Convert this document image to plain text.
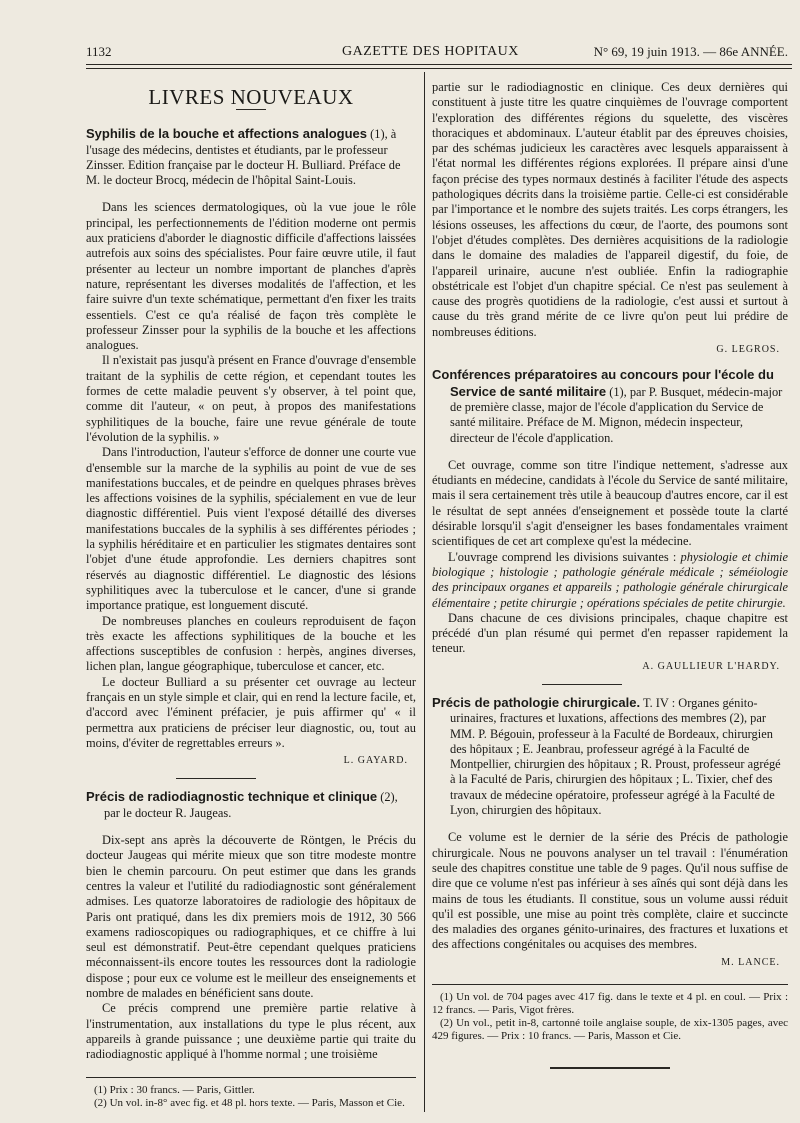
1132	GAZETTE DES HOPITAUX	N° 69, 19 juin 1913. — 86e ANNÉE.
LIVRES NOUVEAUX
Syphilis de la bouche et affections analogues (1), à l'usage des médecins, dentistes et étudiants, par le professeur Zinsser. Edition française par le docteur H. Bulliard. Préface de M. le docteur Brocq, médecin de l'hôpital Saint-Louis.

Dans les sciences dermatologiques, où la vue joue le rôle principal, les perfectionnements de l'édition moderne ont permis aux praticiens d'aborder le diagnostic difficile d'affections laissées autrefois aux soins des spécialistes. Pour faire œuvre utile, il faut présenter au lecteur un nombre important de planches d'après nature, représentant les diverses modalités de l'affection, et les faire suivre d'un texte schématique, permettant d'en fixer les traits essentiels. C'est ce qu'a réalisé de façon très complète le professeur Zinsser pour la syphilis de la bouche et les affections analogues.

Il n'existait pas jusqu'à présent en France d'ouvrage d'ensemble traitant de la syphilis de cette région, et cependant toutes les formes de cette maladie peuvent s'y observer, à tel point que, comme dit l'auteur, « on peut, à propos des manifestations syphilitiques de la bouche, faire une revue générale de toute l'évolution de la syphilis. »

Dans l'introduction, l'auteur s'efforce de donner une courte vue d'ensemble sur la marche de la syphilis au point de vue de ses manifestations buccales, et de peindre en quelques phrases brèves les affections voisines de la syphilis, spécialement en vue de leur diagnostic différentiel. Puis vient l'exposé détaillé des diverses manifestations buccales de la syphilis à ses différentes périodes ; la syphilis héréditaire et en particulier les stigmates dentaires sont l'objet d'une étude approfondie. Les derniers chapitres sont réservés au diagnostic différentiel. Le diagnostic des lésions syphilitiques avec la tuberculose et le cancer, d'une si grande importance pratique, est longuement discuté.

De nombreuses planches en couleurs reproduisent de façon très exacte les affections syphilitiques de la bouche et les affections susceptibles de confusion : herpès, angines diverses, lichen plan, langue géographique, tuberculose et cancer, etc.

Le docteur Bulliard a su présenter cet ouvrage au lecteur français en un style simple et clair, qui en rend la lecture facile, et, d'accord avec l'éminent préfacier, je puis affirmer qu' « il permettra aux praticiens de préciser leur diagnostic, ou, tout au moins, d'éviter de regrettables erreurs ».

L. GAYARD.
Précis de radiodiagnostic technique et clinique (2), par le docteur R. Jaugeas.

Dix-sept ans après la découverte de Röntgen, le Précis du docteur Jaugeas qui mérite mieux que son titre modeste montre bien le chemin parcouru. On peut estimer que dans les grands centres la valeur et l'utilité du radiodiagnostic sont généralement admises. Les quatorze laboratoires de radiologie des hôpitaux de Paris ont pratiqué, dans les dix premiers mois de 1912, 30 566 examens radioscopiques ou radiographiques, et ce chiffre à lui seul est démonstratif. Peut-être cependant quelques praticiens méconnaissent-ils encore toutes les ressources dont la radiologie dispose ; pour eux ce volume est le meilleur des enseignements et nombre de malades en bénéficient sans doute.

Ce précis comprend une première partie relative à l'instrumentation, aux installations du type le plus récent, aux appareils à grande puissance ; une deuxième partie qui traite du radiodiagnostic appliqué à l'homme normal ; une troisième

(1) Prix : 30 francs. — Paris, Gittler.
(2) Un vol. in-8° avec fig. et 48 pl. hors texte. — Paris, Masson et Cie.

partie sur le radiodiagnostic en clinique. Ces deux dernières qui constituent à juste titre les quatre cinquièmes de l'ouvrage comportent l'exploration des différentes régions du squelette, des viscères thoraciques et abdominaux. L'auteur établit par des épreuves choisies, par des schémas judicieux les caractères avec lesquels apparaissent à l'état normal les différentes régions explorées. Il prépare ainsi d'une façon précise des types normaux destinés à faciliter l'étude des aspects pathologiques décrits dans la troisième partie. Celle-ci est considérable par l'importance et le nombre des sujets traités. Les corps étrangers, les lésions osseuses, les affections du cœur, de l'aorte, des poumons sont l'objet d'études complètes. Des dernières acquisitions de la radiologie dans le domaine des maladies de l'appareil digestif, du foie, de l'appareil urinaire, aucune n'est oubliée. Enfin la radiographie obstétricale est l'objet d'un chapitre spécial. Ce n'est pas seulement à cause des progrès quotidiens de la radiologie, c'est aussi et surtout à cause du très grand mérite de ce livre qu'on peut lui prédire de nombreuses éditions.

G. LEGROS.
Conférences préparatoires au concours pour l'école du Service de santé militaire (1), par P. Busquet, médecin-major de première classe, major de l'école d'application du Service de santé militaire. Préface de M. Mignon, médecin inspecteur, directeur de l'école d'application.

Cet ouvrage, comme son titre l'indique nettement, s'adresse aux étudiants en médecine, candidats à l'école du Service de santé militaire, mais il sera certainement très utile à beaucoup d'autres encore, car il est le résultat de sept années d'enseignement et possède toute la clarté désirable lorsqu'il s'agit d'enseigner les bases fondamentales vraiment scientifiques de cet art complexe qu'est la médecine.

L'ouvrage comprend les divisions suivantes : physiologie et chimie biologique ; histologie ; pathologie générale médicale ; séméiologie des principaux organes et appareils ; pathologie générale chirurgicale élémentaire ; petite chirurgie ; opérations spéciales de petite chirurgie.

Dans chacune de ces divisions principales, chaque chapitre est précédé d'un plan résumé qui permet d'en repasser rapidement la teneur.

A. GAULLIEUR L'HARDY.
Précis de pathologie chirurgicale. T. IV : Organes génito-urinaires, fractures et luxations, affections des membres (2), par MM. P. Bégouin, professeur à la Faculté de Bordeaux, chirurgien des hôpitaux ; E. Jeanbrau, professeur agrégé à la Faculté de Montpellier, chirurgien des hôpitaux ; R. Proust, professeur agrégé à la Faculté de Paris, chirurgien des hôpitaux ; L. Tixier, chef des travaux de médecine opératoire, professeur agrégé à la Faculté de Lyon, chirurgien des hôpitaux.

Ce volume est le dernier de la série des Précis de pathologie chirurgicale. Nous ne pouvons analyser un tel travail : l'énumération seule des chapitres constitue une table de 9 pages. Qu'il nous suffise de dire que ce volume n'est pas inférieur à ses aînés qui sont déjà dans les mains de tous les étudiants. Il constitue, sous un volume aussi réduit qu'il est possible, une mise au point très complète, claire et succincte des maladies des organes génito-urinaires, des fractures et luxations et des affections congénitales ou acquises des membres.

M. LANCE.
(1) Un vol. de 704 pages avec 417 fig. dans le texte et 4 pl. en coul. — Prix : 12 francs. — Paris, Vigot frères.
(2) Un vol., petit in-8, cartonné toile anglaise souple, de xix-1305 pages, avec 429 figures. — Prix : 10 francs. — Paris, Masson et Cie.
